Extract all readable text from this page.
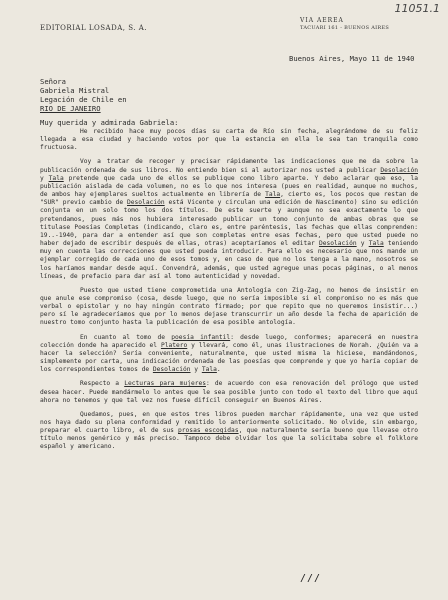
11051.1
EDITORIAL LOSADA, S. A.
VIA AEREA
TACUARI 161 - BUENOS AIRES
Buenos Aires, Mayo 11 de 1940
Señora
Gabriela Mistral
Legación de Chile en
RIO DE JANEIRO
Muy querida y admirada Gabriela:

He recibido hace muy pocos días su carta de Río sin fecha, alegrándome de su feliz llegada a esa ciudad y haciendo votos por que la estancia en ella le sea tan tranquila como fructuosa.

Voy a tratar de recoger y precisar rápidamente las indicaciones que me da sobre la publicación ordenada de sus libros. No entiendo bien si al autorizar nos usted a publicar Desolación y Tala pretende que cada uno de ellos se publique como libro aparte. Y debo aclarar que eso, la publicación aislada de cada volumen, no es lo que nos interesa (pues en realidad, aunque no muchos, de ambos hay ejemplares sueltos actualmente en librería de Tala, cierto es, los pocos que restan de "SUR" previo cambio de Desolación está Vicente y circulan una edición de Nascimento) sino su edición conjunta en un solo tomo los dos títulos. De este suerte y aunque no sea exactamente lo que pretendamos, pues más nos hubiera interesado publicar un tomo conjunto de ambas obras que se titulase Poesías Completas (indicando, claro es, entre paréntesis, las fechas que ellas comprenden: 19..-1940, para dar a entender así que son completas entre esas fechas, pero que usted puede no haber dejado de escribir después de ellas, otras) aceptaríamos el editar Desolación y Tala teniendo muy en cuenta las correcciones que usted pueda introducir. Para ello es necesario que nos mande un ejemplar corregido de cada uno de esos tomos y, en caso de que no los tenga a la mano, nosotros se los haríamos mandar desde aquí. Convendrá, además, que usted agregue unas pocas páginas, o al menos líneas, de prefacio para dar así al tomo autenticidad y novedad.

Puesto que usted tiene comprometida una Antología con Zig-Zag, no hemos de insistir en que anule ese compromiso (cosa, desde luego, que no sería imposible si el compromiso no es más que verbal o epistolar y no hay ningún contrato firmado; por que repito que no queremos insistir...) pero sí le agradeceríamos que por lo menos dejase transcurrir un año desde la fecha de aparición de nuestro tomo conjunto hasta la publicación de esa posible antología.

En cuanto al tomo de poesía infantil: desde luego, conformes; aparecerá en nuestra colección donde ha aparecido el Platero y llevará, como él, unas ilustraciones de Norah. ¿Quién va a hacer la selección? Sería conveniente, naturalmente, que usted misma la hiciese, mandándonos, simplemente por carta, una indicación ordenada de las poesías que comprende y que yo haría copiar de los correspondientes tomos de Desolación y Tala.

Respecto a Lecturas para mujeres: de acuerdo con esa renovación del prólogo que usted desea hacer. Puede mandármelo lo antes que le sea posible junto con todo el texto del libro que aquí ahora no tenemos y que tal vez nos fuese difícil conseguir en Buenos Aires.

Quedamos, pues, en que estos tres libros pueden marchar rápidamente, una vez que usted nos haya dado su plena conformidad y remitido lo anteriormente solicitado. No olvide, sin embargo, preparar el cuarto libro, el de sus prosas escogidas, que naturalmente sería bueno que llevase otro título menos genérico y más preciso. Tampoco debe olvidar los que la solicitaba sobre el folklore español y americano.

///
